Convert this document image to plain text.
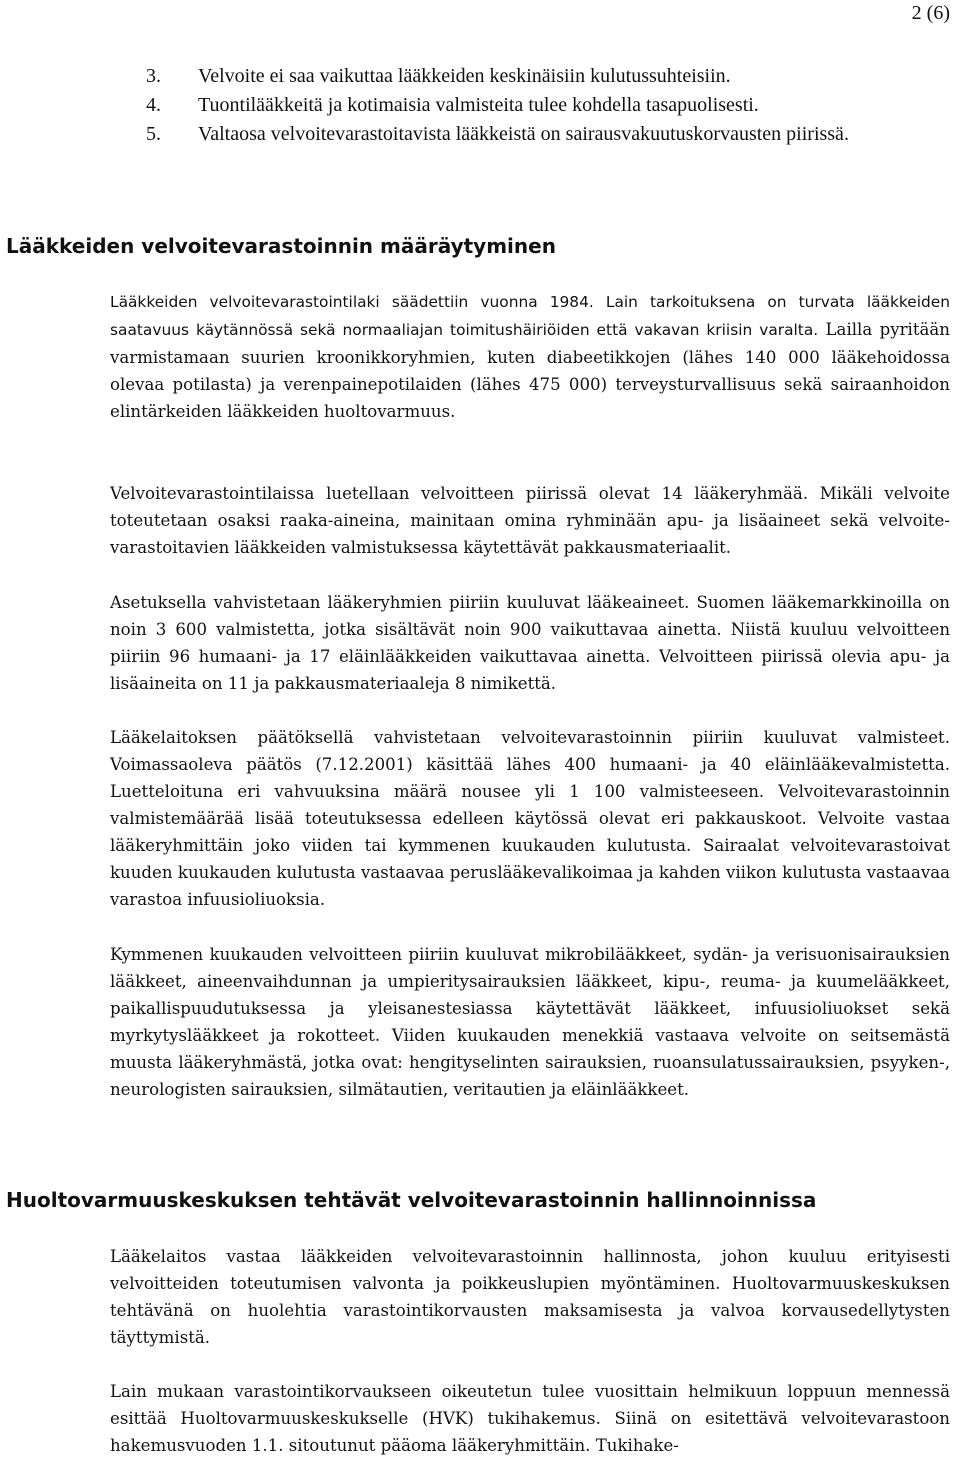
2 (6)
3. Velvoite ei saa vaikuttaa lääkkeiden keskinäisiin kulutussuhteisiin.
4. Tuontilääkkeitä ja kotimaisia valmisteita tulee kohdella tasapuolisesti.
5. Valtaosa velvoitevarastoitavista lääkkeistä on sairausvakuutuskorvausten piirissä.
Lääkkeiden velvoitevarastoinnin määräytyminen

Lääkkeiden velvoitevarastointilaki säädettiin vuonna 1984. Lain tarkoituksena on turvata lääkkeiden saatavuus käytännössä sekä normaaliajan toimitushäiriöiden että vakavan kriisin varalta. Lailla pyritään varmistamaan suurien kroonikkoryhmien, kuten diabeetikkojen (lähes 140 000 lääkehoidossa olevaa potilasta) ja verenpainepotilaiden (lähes 475 000) terveysturvallisuus sekä sairaanhoidon elintärkeiden lääkkeiden huoltovarmuus.

Velvoitevarastointilaissa luetellaan velvoitteen piirissä olevat 14 lääkeryhmää. Mikäli velvoite toteutetaan osaksi raaka-aineina, mainitaan omina ryhminään apu- ja lisäaineet sekä velvoite-varastoitavien lääkkeiden valmistuksessa käytettävät pakkausmateriaalit.

Asetuksella vahvistetaan lääkeryhmien piiriin kuuluvat lääkeaineet. Suomen lääkemarkkinoilla on noin 3 600 valmistetta, jotka sisältävät noin 900 vaikuttavaa ainetta. Niistä kuuluu velvoitteen piiriin 96 humaani- ja 17 eläinlääkkeiden vaikuttavaa ainetta. Velvoitteen piirissä olevia apu- ja lisäaineita on 11 ja pakkausmateriaaleja 8 nimikettä.

Lääkelaitoksen päätöksellä vahvistetaan velvoitevarastoinnin piiriin kuuluvat valmisteet. Voimassaoleva päätös (7.12.2001) käsittää lähes 400 humaani- ja 40 eläinlääkevalmistetta. Luetteloituna eri vahvuuksina määrä nousee yli 1 100 valmisteeseen. Velvoitevarastoinnin valmistemäärää lisää toteutuksessa edelleen käytössä olevat eri pakkauskoot. Velvoite vastaa lääkeryhmittäin joko viiden tai kymmenen kuukauden kulutusta. Sairaalat velvoitevarastoivat kuuden kuukauden kulutusta vastaavaa peruslääkevalikoimaa ja kahden viikon kulutusta vastaavaa varastoa infuusioliuoksia.

Kymmenen kuukauden velvoitteen piiriin kuuluvat mikrobilääkkeet, sydän- ja verisuonisairauksien lääkkeet, aineenvaihdunnan ja umpieritysairauksien lääkkeet, kipu-, reuma- ja kuumelääkkeet, paikallispuudutuksessa ja yleisanestesiassa käytettävät lääkkeet, infuusioliuokset sekä myrkytyslääkkeet ja rokotteet. Viiden kuukauden menekkiä vastaava velvoite on seitsemästä muusta lääkeryhmästä, jotka ovat: hengityselinten sairauksien, ruoansulatussairauksien, psyyken-, neurologisten sairauksien, silmätautien, veritautien ja eläinlääkkeet.

Huoltovarmuuskeskuksen tehtävät velvoitevarastoinnin hallinnoinnissa

Lääkelaitos vastaa lääkkeiden velvoitevarastoinnin hallinnosta, johon kuuluu erityisesti velvoitteiden toteutumisen valvonta ja poikkeuslupien myöntäminen. Huoltovarmuuskeskuksen tehtävänä on huolehtia varastointikorvausten maksamisesta ja valvoa korvausedellytysten täyttymistä.

Lain mukaan varastointikorvaukseen oikeutetun tulee vuosittain helmikuun loppuun mennessä esittää Huoltovarmuuskeskukselle (HVK) tukihakemus. Siinä on esitettävä velvoitevarastoon hakemusvuoden 1.1. sitoutunut pääoma lääkeryhmittäin. Tukihake-
